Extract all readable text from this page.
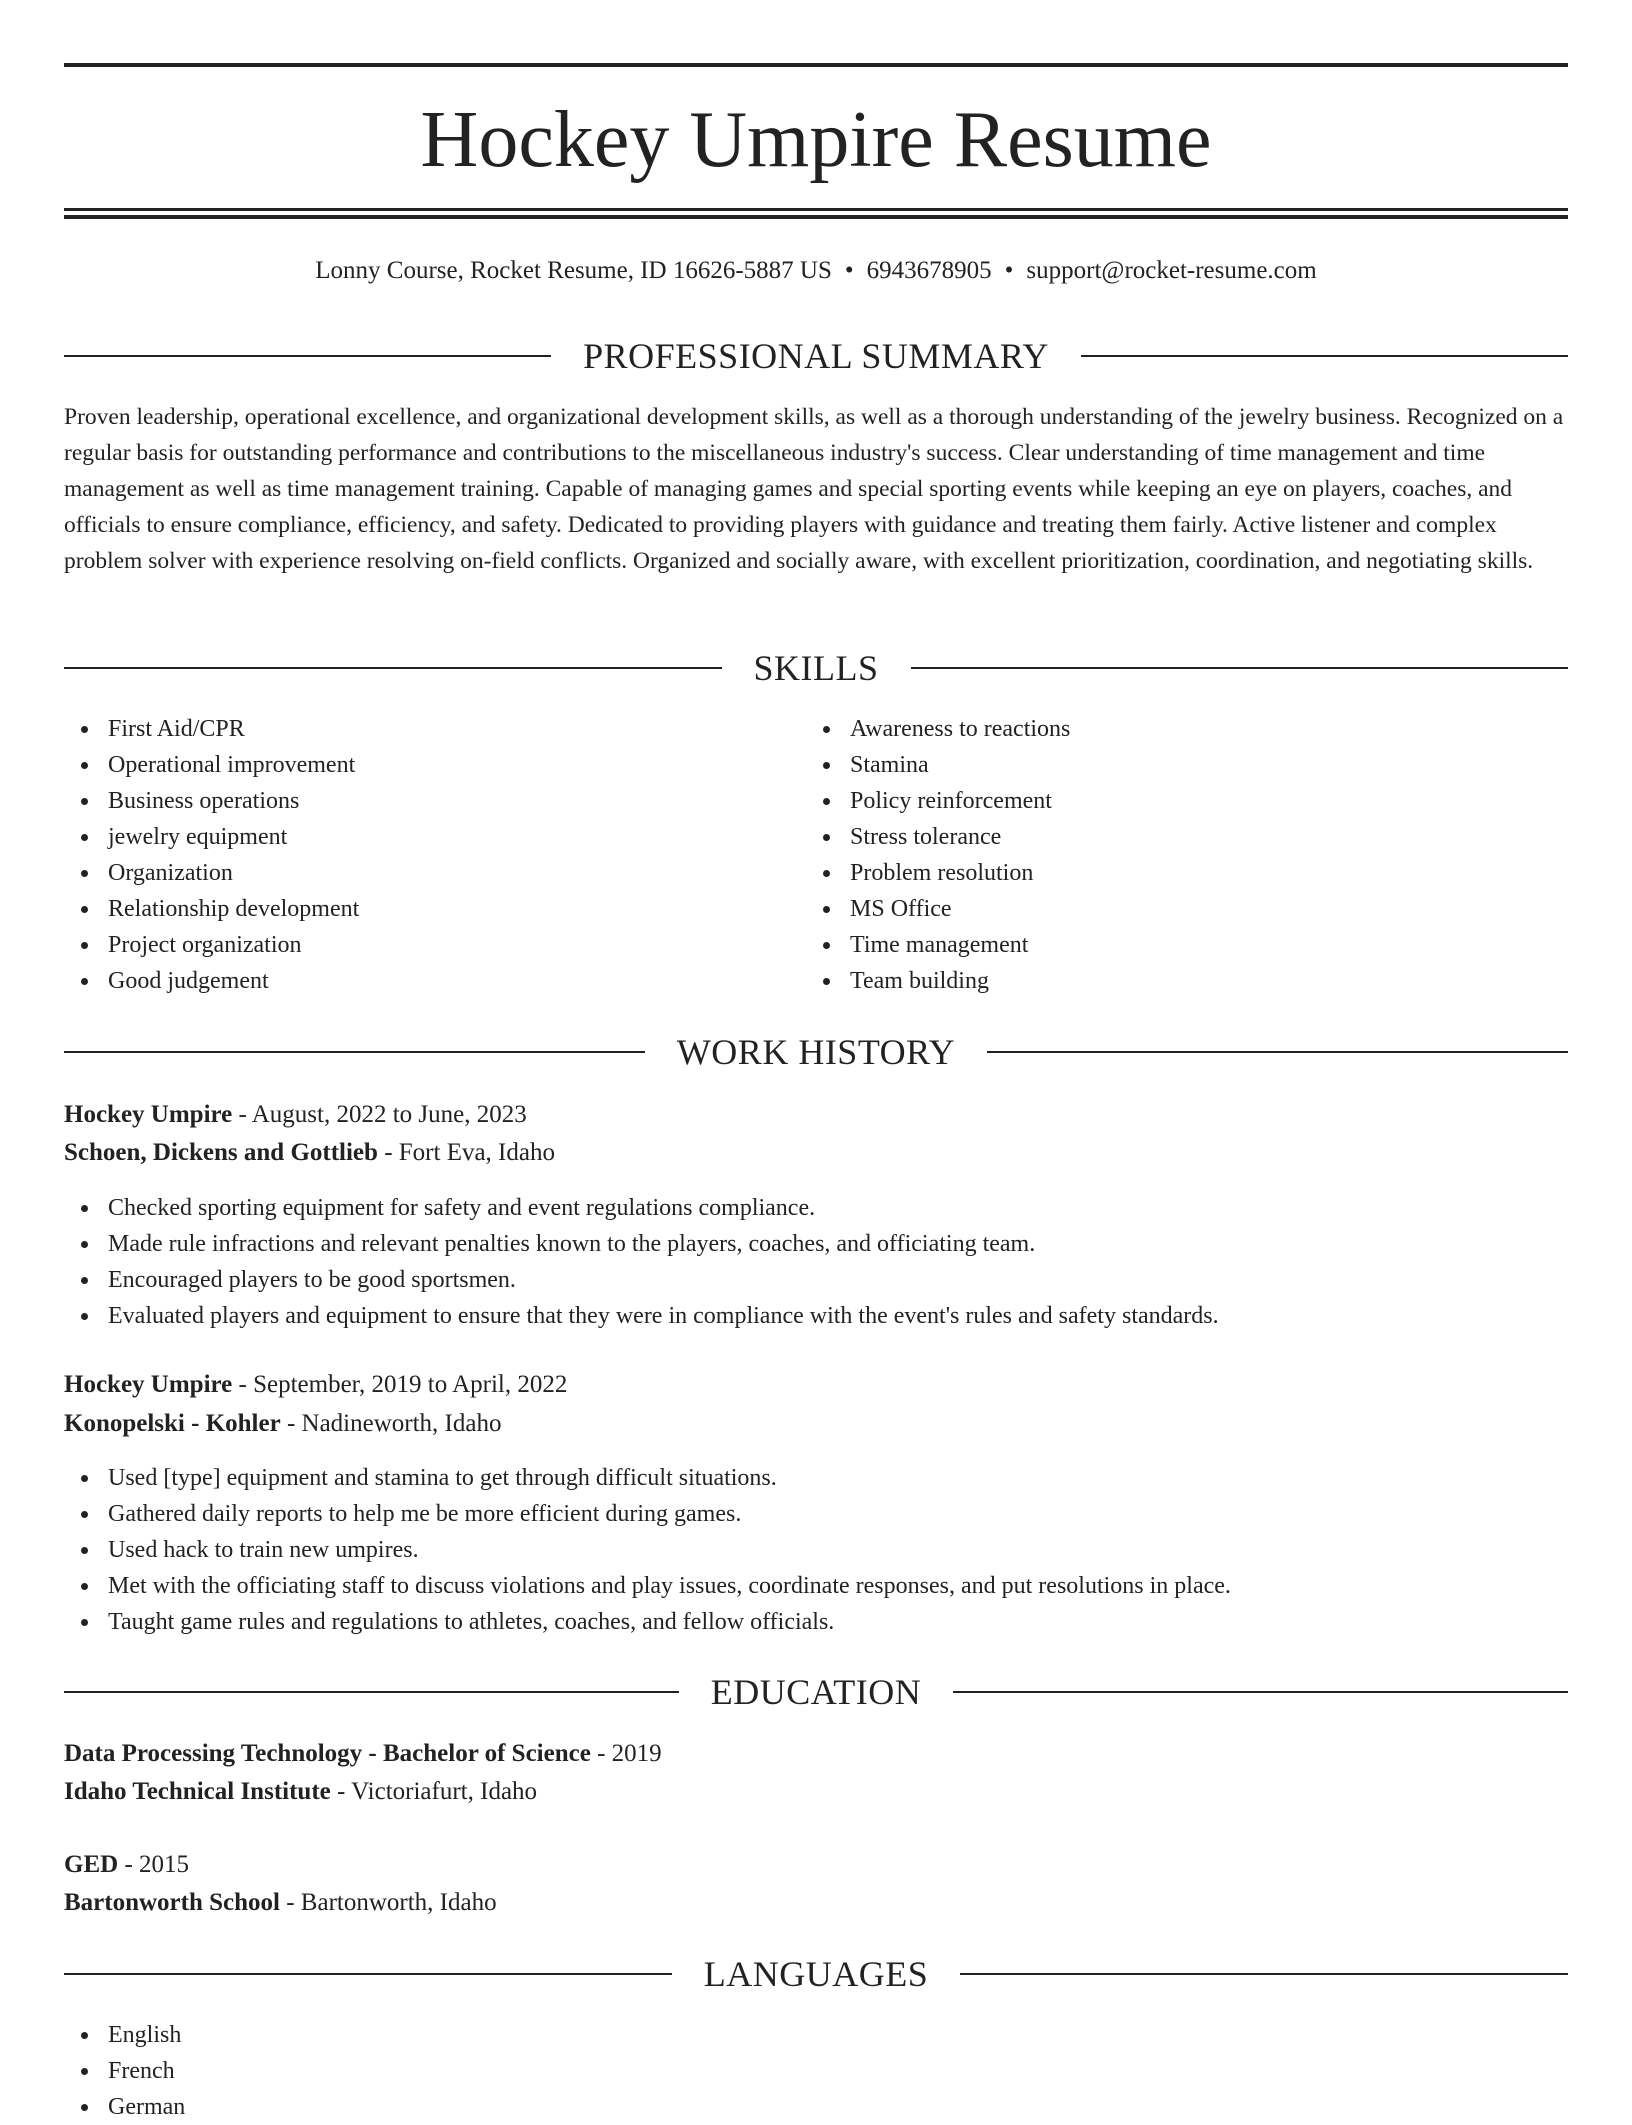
Hockey Umpire Resume
Lonny Course, Rocket Resume, ID 16626-5887 US • 6943678905 • support@rocket-resume.com
PROFESSIONAL SUMMARY

Proven leadership, operational excellence, and organizational development skills, as well as a thorough understanding of the jewelry business. Recognized on a regular basis for outstanding performance and contributions to the miscellaneous industry's success. Clear understanding of time management and time management as well as time management training. Capable of managing games and special sporting events while keeping an eye on players, coaches, and officials to ensure compliance, efficiency, and safety. Dedicated to providing players with guidance and treating them fairly. Active listener and complex problem solver with experience resolving on-field conflicts. Organized and socially aware, with excellent prioritization, coordination, and negotiating skills.

SKILLS
First Aid/CPR
Operational improvement
Business operations
jewelry equipment
Organization
Relationship development
Project organization
Good judgement
Awareness to reactions
Stamina
Policy reinforcement
Stress tolerance
Problem resolution
MS Office
Time management
Team building
WORK HISTORY
Hockey Umpire - August, 2022 to June, 2023
Schoen, Dickens and Gottlieb - Fort Eva, Idaho
Checked sporting equipment for safety and event regulations compliance.
Made rule infractions and relevant penalties known to the players, coaches, and officiating team.
Encouraged players to be good sportsmen.
Evaluated players and equipment to ensure that they were in compliance with the event's rules and safety standards.
Hockey Umpire - September, 2019 to April, 2022
Konopelski - Kohler - Nadineworth, Idaho
Used [type] equipment and stamina to get through difficult situations.
Gathered daily reports to help me be more efficient during games.
Used hack to train new umpires.
Met with the officiating staff to discuss violations and play issues, coordinate responses, and put resolutions in place.
Taught game rules and regulations to athletes, coaches, and fellow officials.
EDUCATION
Data Processing Technology - Bachelor of Science - 2019
Idaho Technical Institute - Victoriafurt, Idaho
GED - 2015
Bartonworth School - Bartonworth, Idaho
LANGUAGES
English
French
German
